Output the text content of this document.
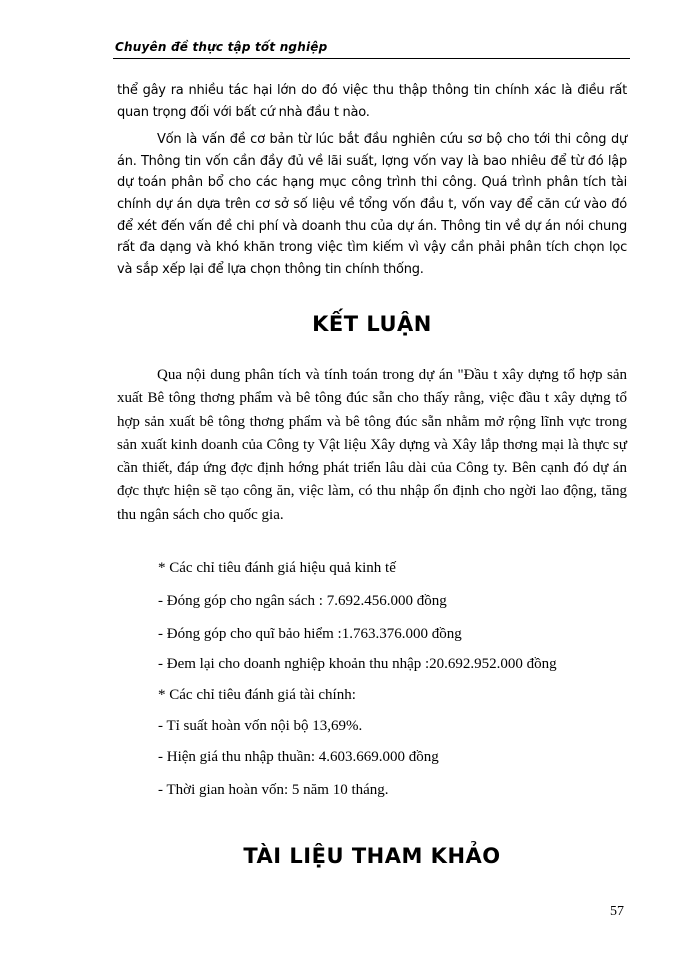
Chuyên đề thực tập tốt nghiệp

thể gây ra nhiều tác hại lớn do đó việc thu thập thông tin chính xác là điều rất quan trọng đối với bất cứ nhà đầu t nào.

Vốn là vấn đề cơ bản từ lúc bắt đầu nghiên cứu sơ bộ cho tới thi công dự án. Thông tin vốn cần đầy đủ về lãi suất, lợng vốn vay là bao nhiêu để từ đó lập dự toán phân bổ cho các hạng mục công trình thi công. Quá trình phân tích tài chính dự án dựa trên cơ sở số liệu về tổng vốn đầu t, vốn vay để căn cứ vào đó để xét đến vấn đề chi phí và doanh thu của dự án. Thông tin về dự án nói chung rất đa dạng và khó khăn trong việc tìm kiếm vì vậy cần phải phân tích chọn lọc và sắp xếp lại để lựa chọn thông tin chính thống.

KẾT LUẬN

Qua nội dung phân tích và tính toán trong dự án "Đầu t xây dựng tổ hợp sản xuất Bê tông thơng phẩm và bê tông đúc sẵn cho thấy rằng, việc đầu t xây dựng tổ hợp sản xuất bê tông thơng phẩm và bê tông đúc sẵn nhằm mở rộng lĩnh vực trong sản xuất kinh doanh của Công ty Vật liệu Xây dựng và Xây lắp thơng mại là thực sự cần thiết, đáp ứng đợc định hớng phát triển lâu dài của Công ty. Bên cạnh đó dự án đợc thực hiện sẽ tạo công ăn, việc làm, có thu nhập ổn định cho ngời lao động, tăng thu ngân sách cho quốc gia.

* Các chỉ tiêu đánh giá hiệu quả kinh tế
- Đóng góp cho ngân sách : 7.692.456.000 đồng
- Đóng góp cho quĩ bảo hiểm :1.763.376.000 đồng
- Đem lại cho doanh nghiệp khoản thu nhập :20.692.952.000 đồng
* Các chỉ tiêu đánh giá tài chính:
- Tỉ suất hoàn vốn nội bộ 13,69%.
- Hiện giá thu nhập thuần: 4.603.669.000 đồng
- Thời gian hoàn vốn: 5 năm 10 tháng.
TÀI LIỆU THAM KHẢO
57
